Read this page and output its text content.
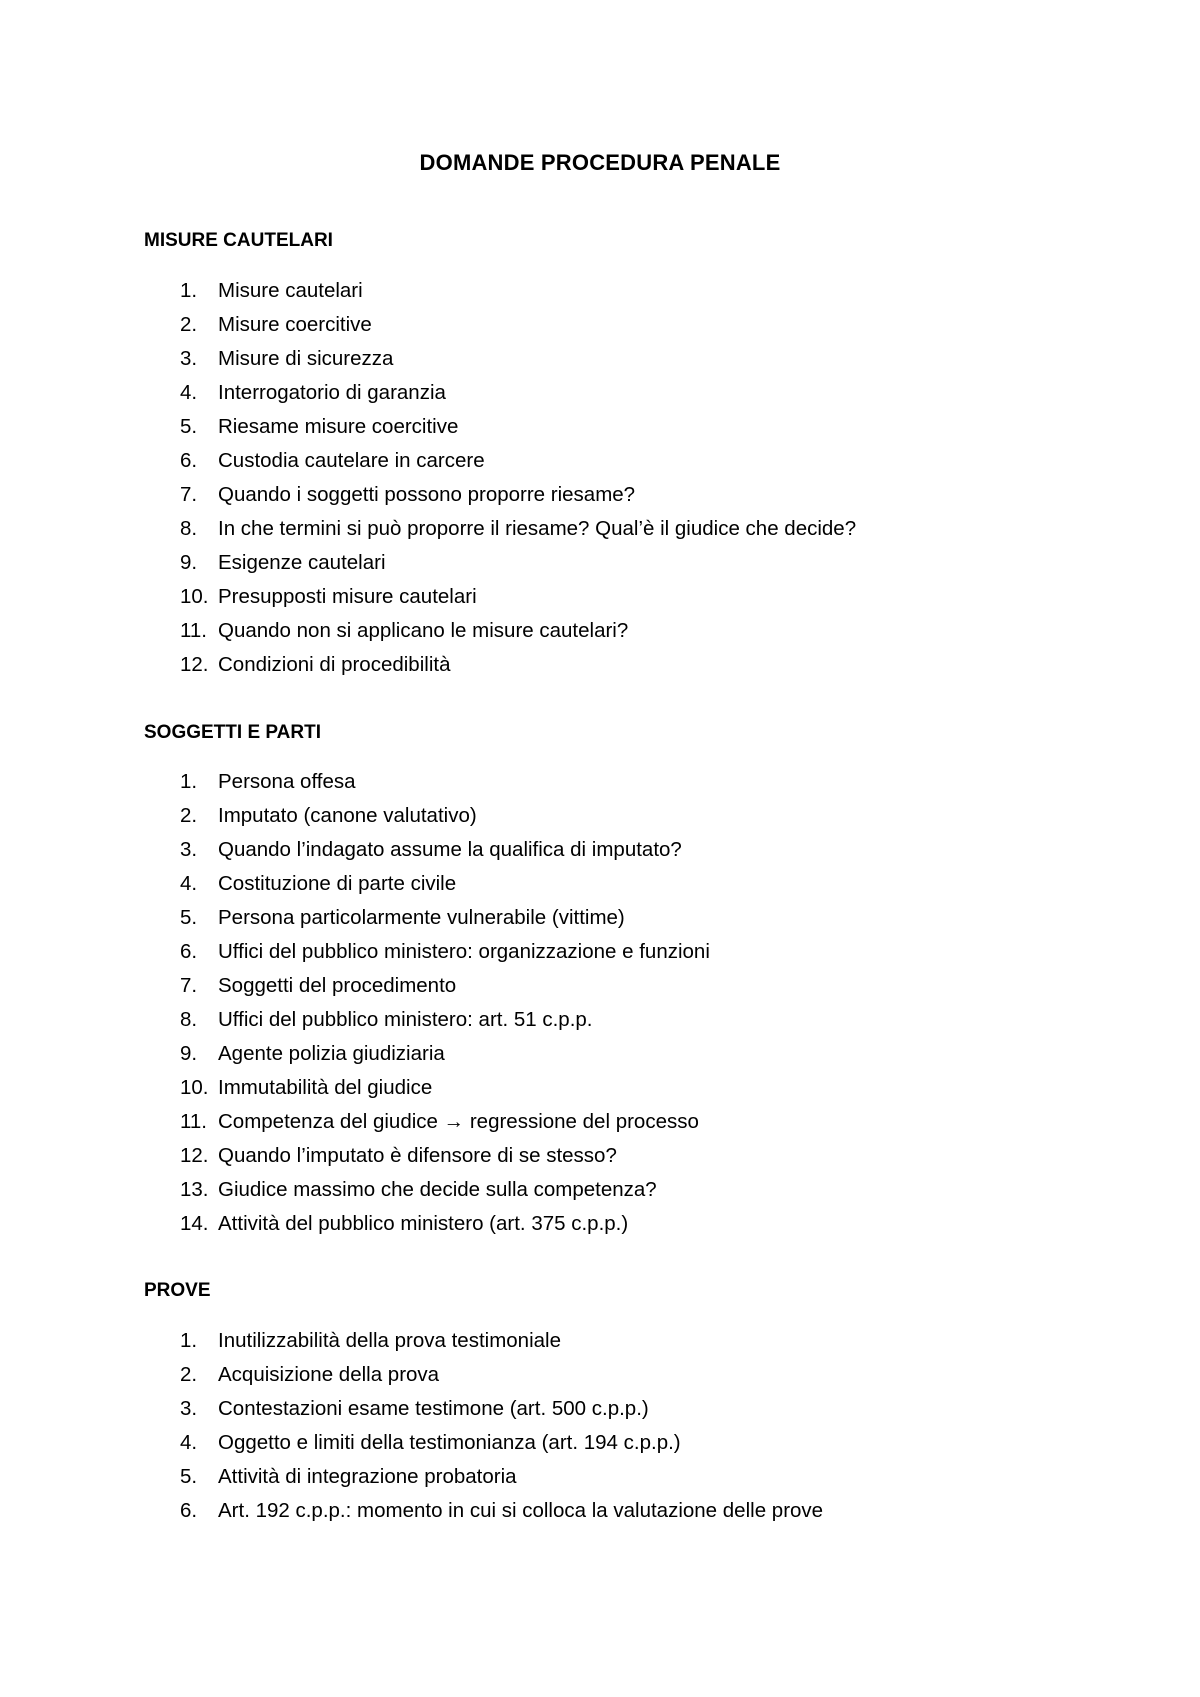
DOMANDE PROCEDURA PENALE
MISURE CAUTELARI
1.	Misure cautelari
2.	Misure coercitive
3.	Misure di sicurezza
4.	Interrogatorio di garanzia
5.	Riesame misure coercitive
6.	Custodia cautelare in carcere
7.	Quando i soggetti possono proporre riesame?
8.	In che termini si può proporre il riesame? Qual’è il giudice che decide?
9.	Esigenze cautelari
10. Presupposti misure cautelari
11. Quando non si applicano le misure cautelari?
12. Condizioni di procedibilità
SOGGETTI E PARTI
1.	Persona offesa
2.	Imputato (canone valutativo)
3.	Quando l’indagato assume la qualifica di imputato?
4.	Costituzione di parte civile
5.	Persona particolarmente vulnerabile (vittime)
6.	Uffici del pubblico ministero: organizzazione e funzioni
7.	Soggetti del procedimento
8.	Uffici del pubblico ministero: art. 51 c.p.p.
9.	Agente polizia giudiziaria
10. Immutabilità del giudice
11. Competenza del giudice → regressione del processo
12. Quando l’imputato è difensore di se stesso?
13. Giudice massimo che decide sulla competenza?
14. Attività del pubblico ministero (art. 375 c.p.p.)
PROVE
1.	Inutilizzabilità della prova testimoniale
2.	Acquisizione della prova
3.	Contestazioni esame testimone (art. 500 c.p.p.)
4.	Oggetto e limiti della testimonianza (art. 194 c.p.p.)
5.	Attività di integrazione probatoria
6.	Art. 192 c.p.p.: momento in cui si colloca la valutazione delle prove
